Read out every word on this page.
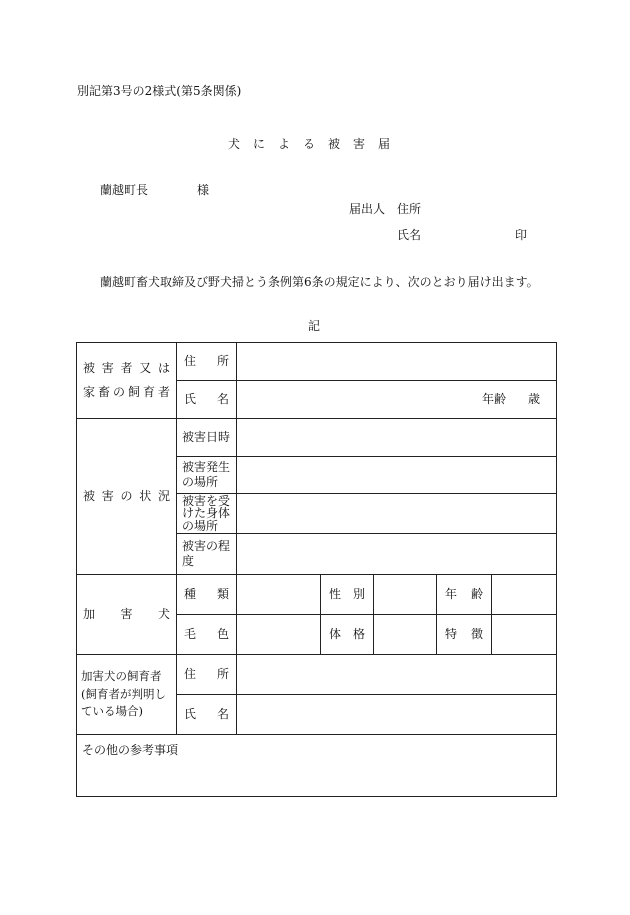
別記第3号の2様式(第5条関係)
犬による被害届
蘭越町長	様
届出人 住所
氏名	印
蘭越町畜犬取締及び野犬掃とう条例第6条の規定により、次のとおり届け出ます。
記
被害者又は
家畜の飼育者	住所					

	氏名	年齢 歳				

被害の状況	被害日時					

	被害発生
の場所					

	被害を受
けた身体
の場所					

	被害の程
度					

加害犬	種類		性別		年齢	

	毛色		体格		特徴	

加害犬の飼育者
(飼育者が判明し
ている場合)	住所					

	氏名					

その他の参考事項						
